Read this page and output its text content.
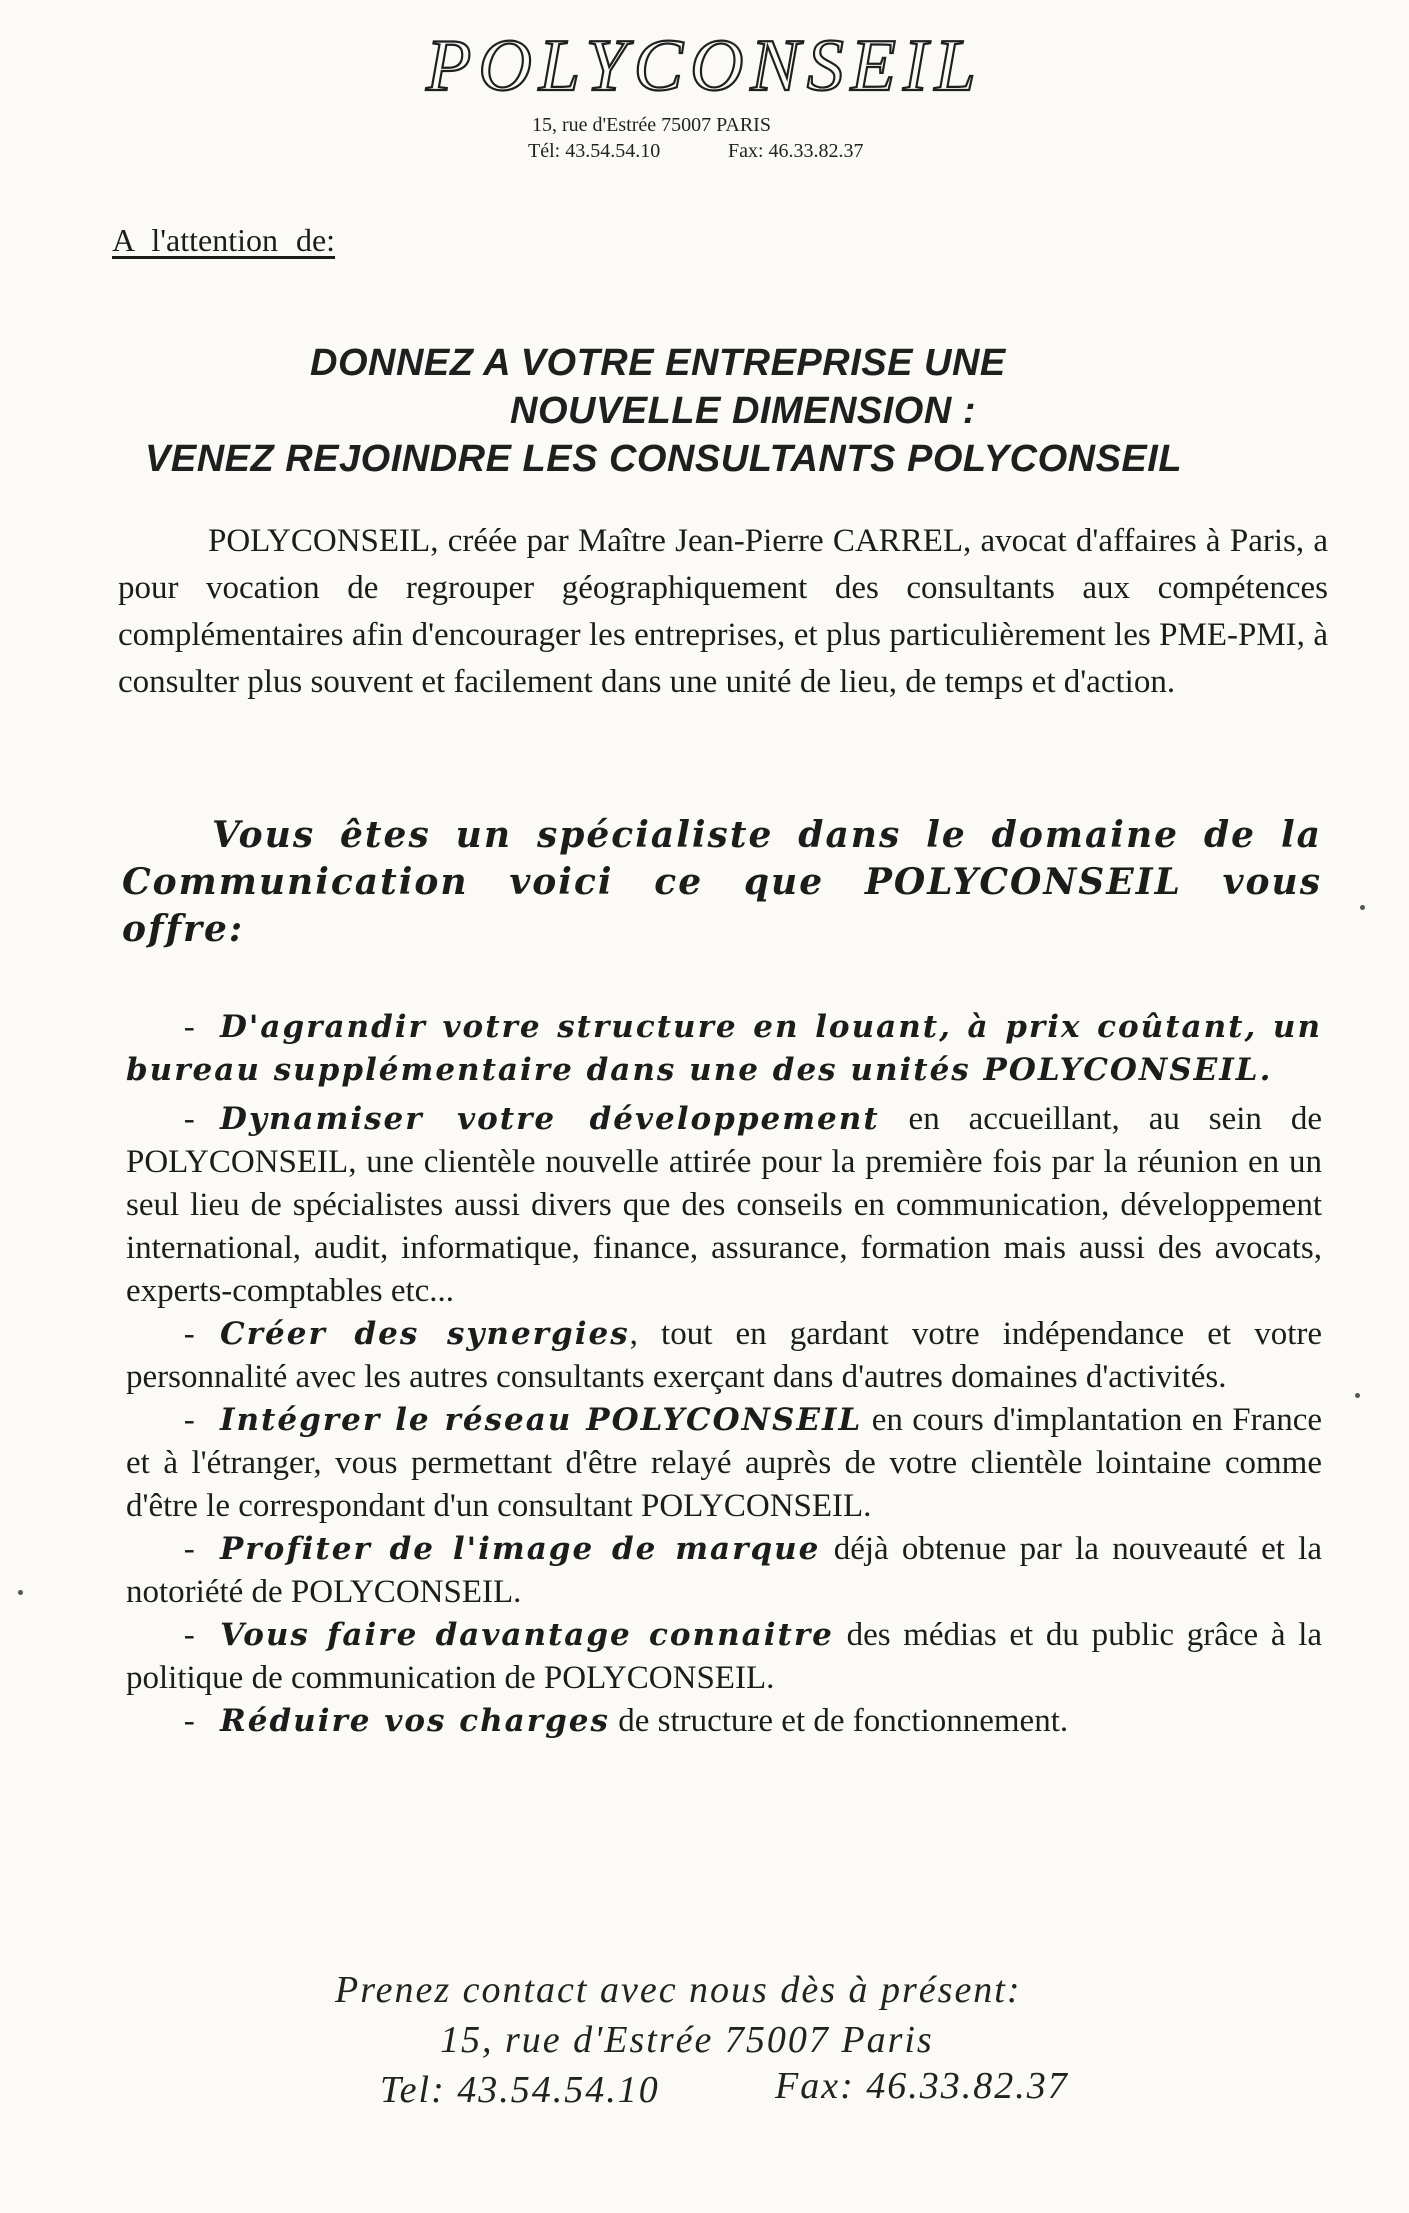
POLYCONSEIL
15, rue d'Estrée 75007 PARIS
Tél: 43.54.54.10	Fax: 46.33.82.37
A l'attention de:
DONNEZ A VOTRE ENTREPRISE UNE
NOUVELLE DIMENSION :
VENEZ REJOINDRE LES CONSULTANTS POLYCONSEIL

POLYCONSEIL, créée par Maître Jean-Pierre CARREL, avocat d'affaires à Paris, a pour vocation de regrouper géographiquement des consultants aux compétences complémentaires afin d'encourager les entreprises, et plus particulièrement les PME-PMI, à consulter plus souvent et facilement dans une unité de lieu, de temps et d'action.

Vous êtes un spécialiste dans le domaine de la Communication voici ce que POLYCONSEIL vous offre:

- D'agrandir votre structure en louant, à prix coûtant, un bureau supplémentaire dans une des unités POLYCONSEIL.

- Dynamiser votre développement en accueillant, au sein de POLYCONSEIL, une clientèle nouvelle attirée pour la première fois par la réunion en un seul lieu de spécialistes aussi divers que des conseils en communication, développement international, audit, informatique, finance, assurance, formation mais aussi des avocats, experts-comptables etc...

- Créer des synergies, tout en gardant votre indépendance et votre personnalité avec les autres consultants exerçant dans d'autres domaines d'activités.

- Intégrer le réseau POLYCONSEIL en cours d'implantation en France et à l'étranger, vous permettant d'être relayé auprès de votre clientèle lointaine comme d'être le correspondant d'un consultant POLYCONSEIL.

- Profiter de l'image de marque déjà obtenue par la nouveauté et la notoriété de POLYCONSEIL.

- Vous faire davantage connaitre des médias et du public grâce à la politique de communication de POLYCONSEIL.

- Réduire vos charges de structure et de fonctionnement.

Prenez contact avec nous dès à présent:
15, rue d'Estrée 75007 Paris
Tel: 43.54.54.10	Fax: 46.33.82.37
